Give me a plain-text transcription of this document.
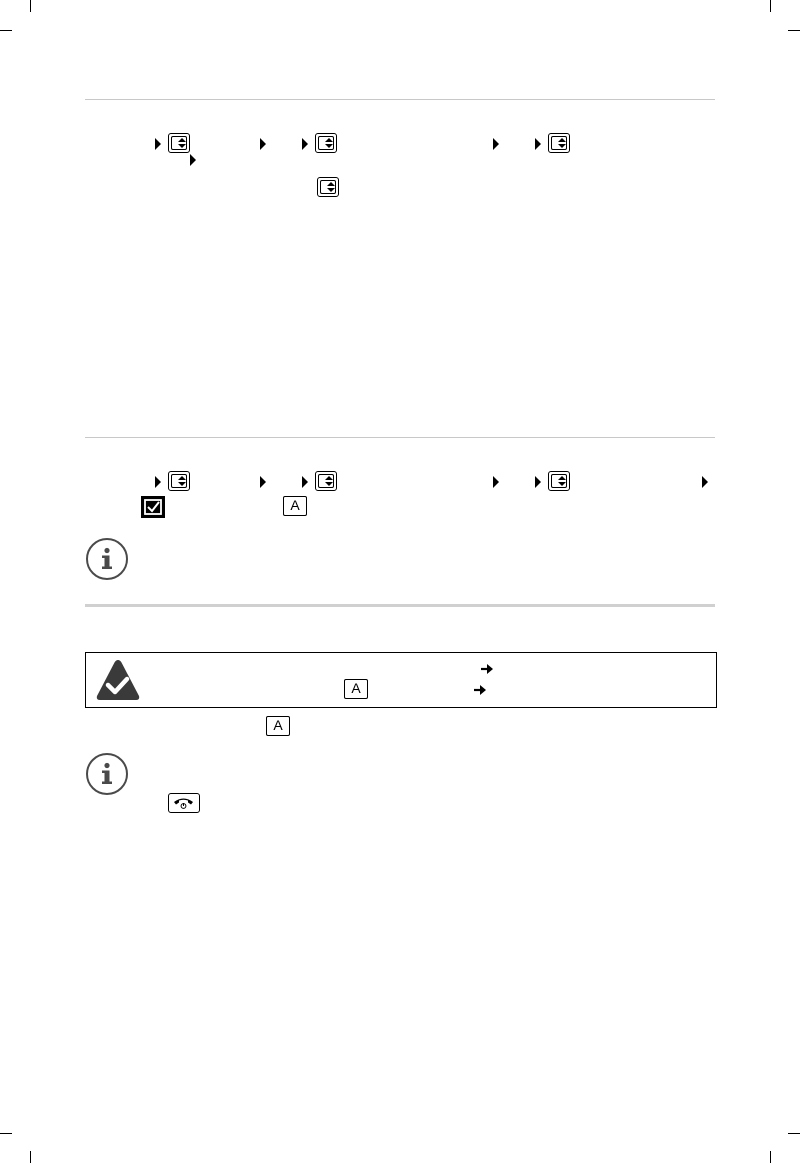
A
A
A
